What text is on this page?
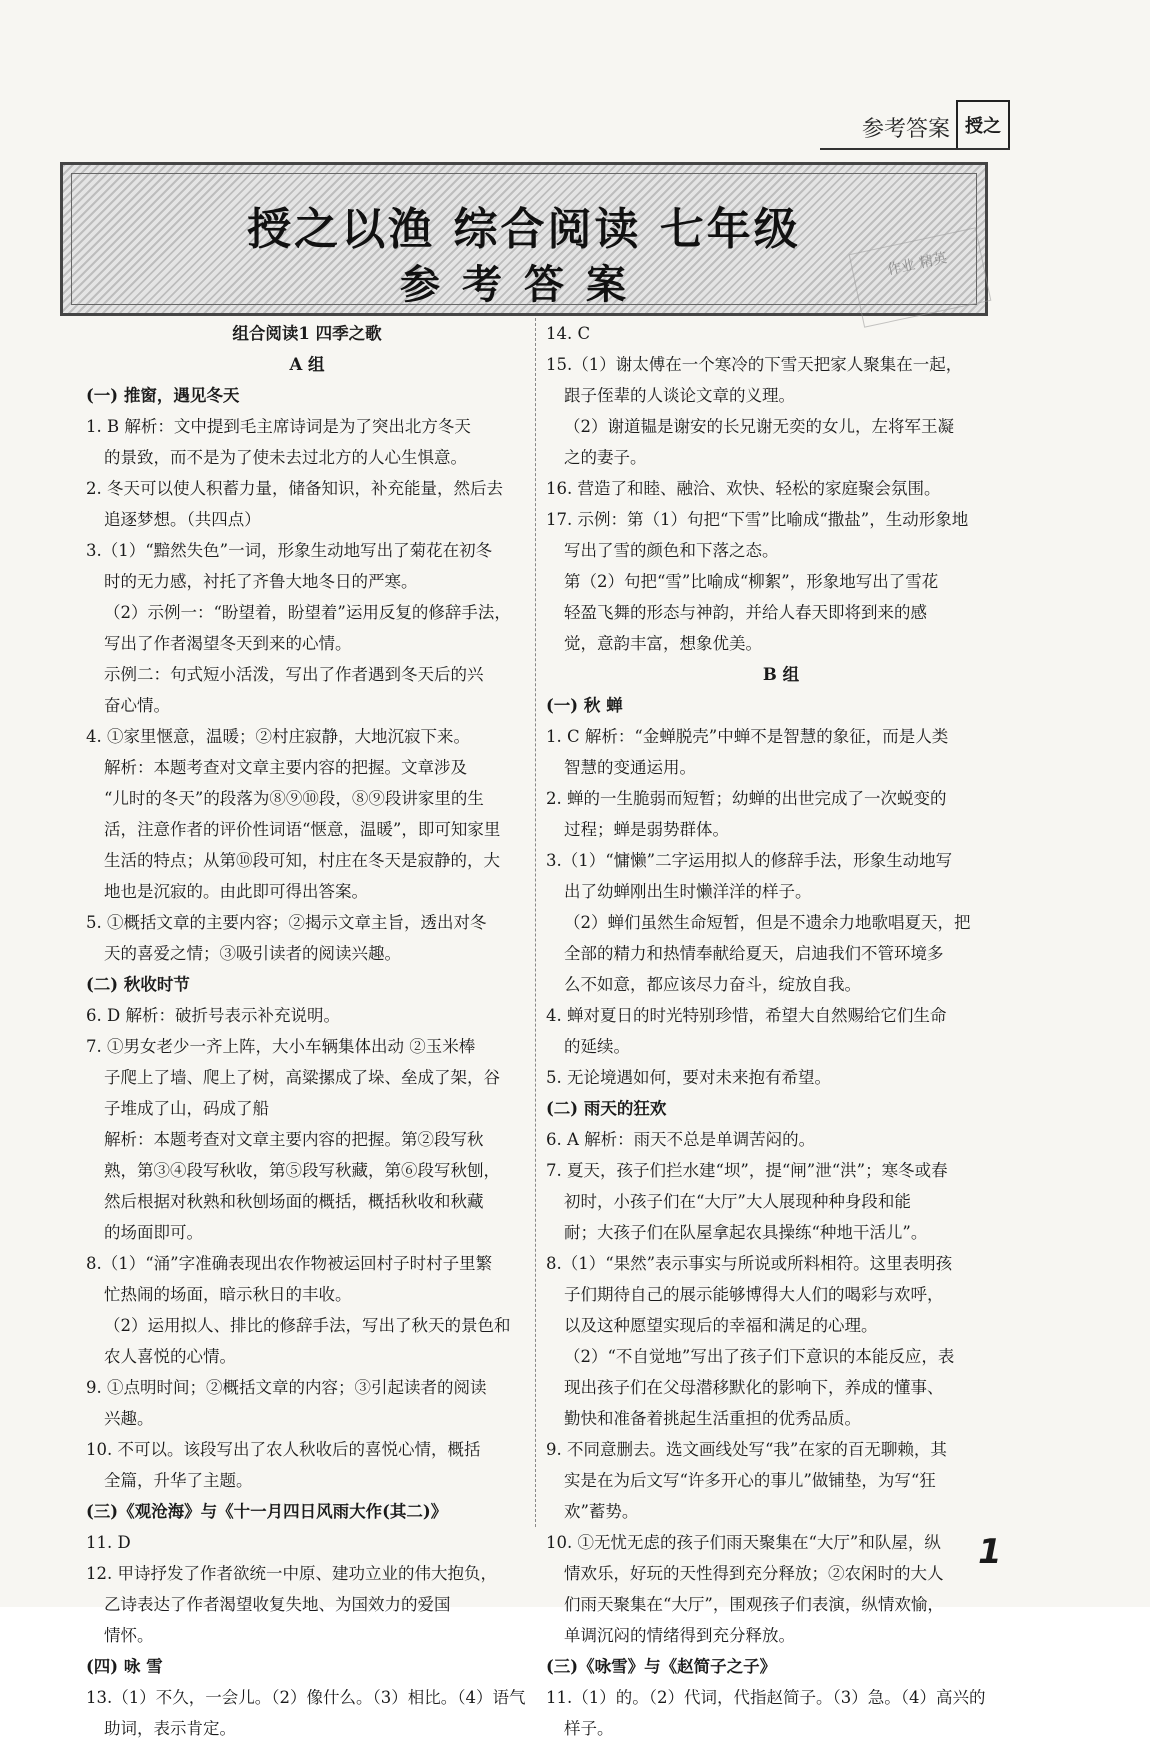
授之
参考答案
授之以渔 综合阅读 七年级
参考答案	作业 精英
组合阅读1 四季之歌
A 组
(一) 推窗，遇见冬天
1. B 解析：文中提到毛主席诗词是为了突出北方冬天
的景致，而不是为了使未去过北方的人心生惧意。
2. 冬天可以使人积蓄力量，储备知识，补充能量，然后去
追逐梦想。（共四点）
3.（1）“黯然失色”一词，形象生动地写出了菊花在初冬
时的无力感，衬托了齐鲁大地冬日的严寒。
（2）示例一：“盼望着，盼望着”运用反复的修辞手法，
写出了作者渴望冬天到来的心情。
示例二：句式短小活泼，写出了作者遇到冬天后的兴
奋心情。
4. ①家里惬意，温暖；②村庄寂静，大地沉寂下来。
解析：本题考查对文章主要内容的把握。文章涉及
“儿时的冬天”的段落为⑧⑨⑩段，⑧⑨段讲家里的生
活，注意作者的评价性词语“惬意，温暖”，即可知家里
生活的特点；从第⑩段可知，村庄在冬天是寂静的，大
地也是沉寂的。由此即可得出答案。
5. ①概括文章的主要内容；②揭示文章主旨，透出对冬
天的喜爱之情；③吸引读者的阅读兴趣。
(二) 秋收时节
6. D 解析：破折号表示补充说明。
7. ①男女老少一齐上阵，大小车辆集体出动 ②玉米棒
子爬上了墙、爬上了树，高粱摞成了垛、垒成了架，谷
子堆成了山，码成了船
解析：本题考查对文章主要内容的把握。第②段写秋
熟，第③④段写秋收，第⑤段写秋藏，第⑥段写秋刨，
然后根据对秋熟和秋刨场面的概括，概括秋收和秋藏
的场面即可。
8.（1）“涌”字准确表现出农作物被运回村子时村子里繁
忙热闹的场面，暗示秋日的丰收。
（2）运用拟人、排比的修辞手法，写出了秋天的景色和
农人喜悦的心情。
9. ①点明时间；②概括文章的内容；③引起读者的阅读
兴趣。
10. 不可以。该段写出了农人秋收后的喜悦心情，概括
全篇，升华了主题。
(三)《观沧海》与《十一月四日风雨大作(其二)》
11. D
12. 甲诗抒发了作者欲统一中原、建功立业的伟大抱负，
乙诗表达了作者渴望收复失地、为国效力的爱国
情怀。
(四) 咏 雪
13.（1）不久，一会儿。（2）像什么。（3）相比。（4）语气
助词，表示肯定。
14. C
15.（1）谢太傅在一个寒冷的下雪天把家人聚集在一起，
跟子侄辈的人谈论文章的义理。
（2）谢道韫是谢安的长兄谢无奕的女儿，左将军王凝
之的妻子。
16. 营造了和睦、融洽、欢快、轻松的家庭聚会氛围。
17. 示例：第（1）句把“下雪”比喻成“撒盐”，生动形象地
写出了雪的颜色和下落之态。
第（2）句把“雪”比喻成“柳絮”，形象地写出了雪花
轻盈飞舞的形态与神韵，并给人春天即将到来的感
觉，意韵丰富，想象优美。
B 组
(一) 秋 蝉
1. C 解析：“金蝉脱壳”中蝉不是智慧的象征，而是人类
智慧的变通运用。
2. 蝉的一生脆弱而短暂；幼蝉的出世完成了一次蜕变的
过程；蝉是弱势群体。
3.（1）“慵懒”二字运用拟人的修辞手法，形象生动地写
出了幼蝉刚出生时懒洋洋的样子。
（2）蝉们虽然生命短暂，但是不遗余力地歌唱夏天，把
全部的精力和热情奉献给夏天，启迪我们不管环境多
么不如意，都应该尽力奋斗，绽放自我。
4. 蝉对夏日的时光特别珍惜，希望大自然赐给它们生命
的延续。
5. 无论境遇如何，要对未来抱有希望。
(二) 雨天的狂欢
6. A 解析：雨天不总是单调苦闷的。
7. 夏天，孩子们拦水建“坝”，提“闸”泄“洪”；寒冬或春
初时，小孩子们在“大厅”大人展现种种身段和能
耐；大孩子们在队屋拿起农具操练“种地干活儿”。
8.（1）“果然”表示事实与所说或所料相符。这里表明孩
子们期待自己的展示能够博得大人们的喝彩与欢呼，
以及这种愿望实现后的幸福和满足的心理。
（2）“不自觉地”写出了孩子们下意识的本能反应，表
现出孩子们在父母潜移默化的影响下，养成的懂事、
勤快和准备着挑起生活重担的优秀品质。
9. 不同意删去。选文画线处写“我”在家的百无聊赖，其
实是在为后文写“许多开心的事儿”做铺垫，为写“狂
欢”蓄势。
10. ①无忧无虑的孩子们雨天聚集在“大厅”和队屋，纵
情欢乐，好玩的天性得到充分释放；②农闲时的大人
们雨天聚集在“大厅”，围观孩子们表演，纵情欢愉，
单调沉闷的情绪得到充分释放。
(三)《咏雪》与《赵简子之子》
11.（1）的。（2）代词，代指赵简子。（3）急。（4）高兴的
样子。
1
